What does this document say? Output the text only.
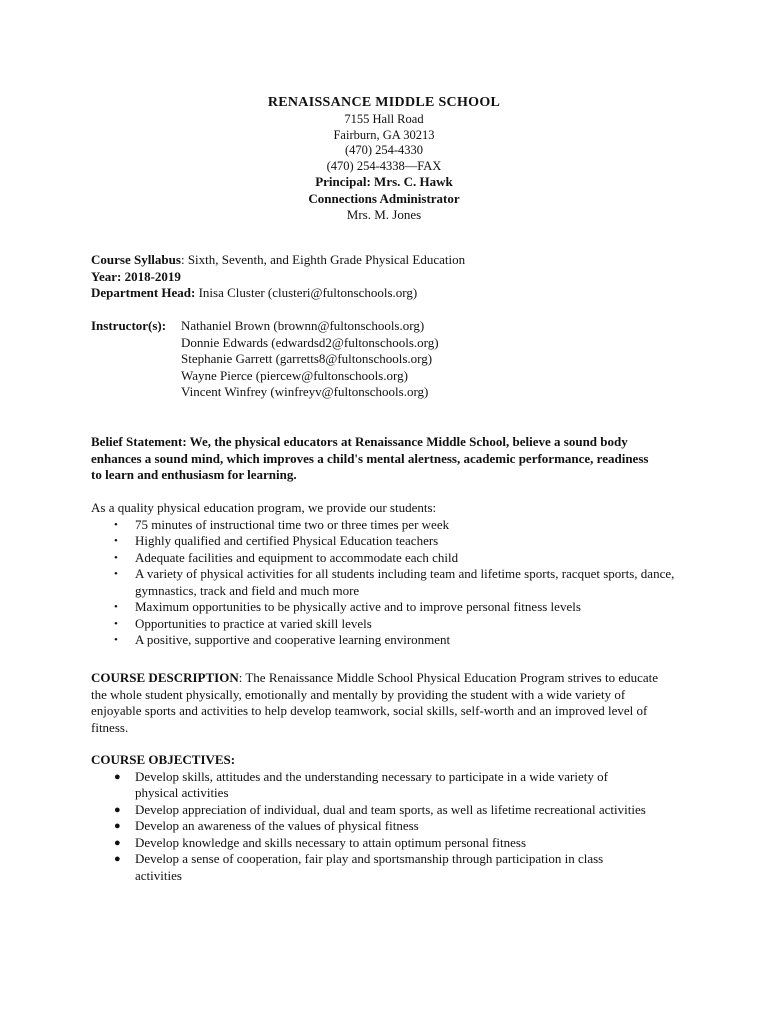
RENAISSANCE MIDDLE SCHOOL
7155 Hall Road
Fairburn, GA 30213
(470) 254-4330
(470) 254-4338—FAX
Principal: Mrs. C. Hawk
Connections Administrator
Mrs. M. Jones
Course Syllabus: Sixth, Seventh, and Eighth Grade Physical Education
Year: 2018-2019
Department Head: Inisa Cluster (clusteri@fultonschools.org)
Instructor(s): Nathaniel Brown (brownn@fultonschools.org)
Donnie Edwards (edwardsd2@fultonschools.org)
Stephanie Garrett (garretts8@fultonschools.org)
Wayne Pierce (piercew@fultonschools.org)
Vincent Winfrey (winfreyv@fultonschools.org)
Belief Statement: We, the physical educators at Renaissance Middle School, believe a sound body enhances a sound mind, which improves a child's mental alertness, academic performance, readiness to learn and enthusiasm for learning.
As a quality physical education program, we provide our students:
• 75 minutes of instructional time two or three times per week
• Highly qualified and certified Physical Education teachers
• Adequate facilities and equipment to accommodate each child
• A variety of physical activities for all students including team and lifetime sports, racquet sports, dance, gymnastics, track and field and much more
• Maximum opportunities to be physically active and to improve personal fitness levels
• Opportunities to practice at varied skill levels
• A positive, supportive and cooperative learning environment
COURSE DESCRIPTION: The Renaissance Middle School Physical Education Program strives to educate the whole student physically, emotionally and mentally by providing the student with a wide variety of enjoyable sports and activities to help develop teamwork, social skills, self-worth and an improved level of fitness.
COURSE OBJECTIVES:
● Develop skills, attitudes and the understanding necessary to participate in a wide variety of physical activities
● Develop appreciation of individual, dual and team sports, as well as lifetime recreational activities
● Develop an awareness of the values of physical fitness
● Develop knowledge and skills necessary to attain optimum personal fitness
● Develop a sense of cooperation, fair play and sportsmanship through participation in class activities
